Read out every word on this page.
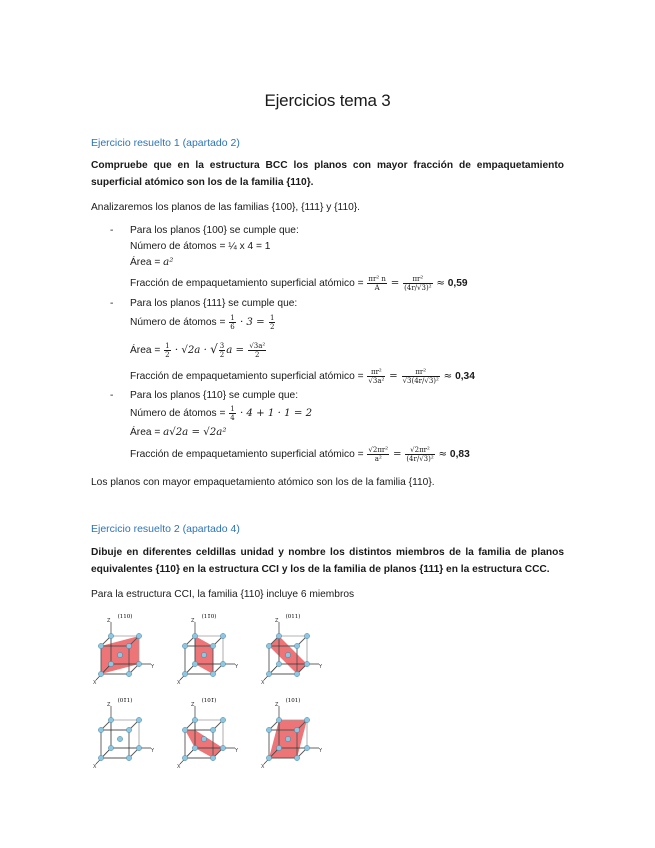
Ejercicios tema 3
Ejercicio resuelto 1 (apartado 2)
Compruebe que en la estructura BCC los planos con mayor fracción de empaquetamiento superficial atómico son los de la familia {110}.
Analizaremos los planos de las familias {100}, {111} y {110}.
- Para los planos {100} se cumple que:
Número de átomos = ¼ x 4 = 1
Área = a²
Fracción de empaquetamiento superficial atómico = $\frac{\text{πr² n}}{A} = \frac{\text{πr²}}{\text{(4r/√3)²}} \approx 0,59$
- Para los planos {111} se cumple que:
Número de átomos = $\frac{1}{6} \cdot 3 = \frac{1}{2}$
Área = $\frac{1}{2} \cdot √2a$ · √ $\frac{3}{2}$ $a = \frac{\text{√3a²}}{2}$
Fracción de empaquetamiento superficial atómico = $\frac{\text{πr²}}{\text{√3a²}} = \frac{\text{πr²}}{\text{√3(4r/√3)²}} \approx 0,34$
- Para los planos {110} se cumple que:
Número de átomos = $\frac{1}{4} \cdot 4 + 1 \cdot 1 = 2$
Área = a√2a = √2a²
Fracción de empaquetamiento superficial atómico = $\frac{\text{√2πr²}}{\text{a²}} = \frac{\text{√2πr²}}{\text{(4r/√3)²}} \approx 0,83$
Los planos con mayor empaquetamiento atómico son los de la familia {110}.
Ejercicio resuelto 2 (apartado 4)
Dibuje en diferentes celdillas unidad y nombre los distintos miembros de la familia de planos equivalentes {110} en la estructura CCI y los de la familia de planos {111} en la estructura CCC.
Para la estructura CCI, la familia {110} incluye 6 miembros
(110)	(11̄0)	(011)
(01̄1)	(101̄)	(101)
Z
Y
X
Z
Y
X
Z
Y
X
Z
Y
X
Z
Y
X
Z
Y
X
